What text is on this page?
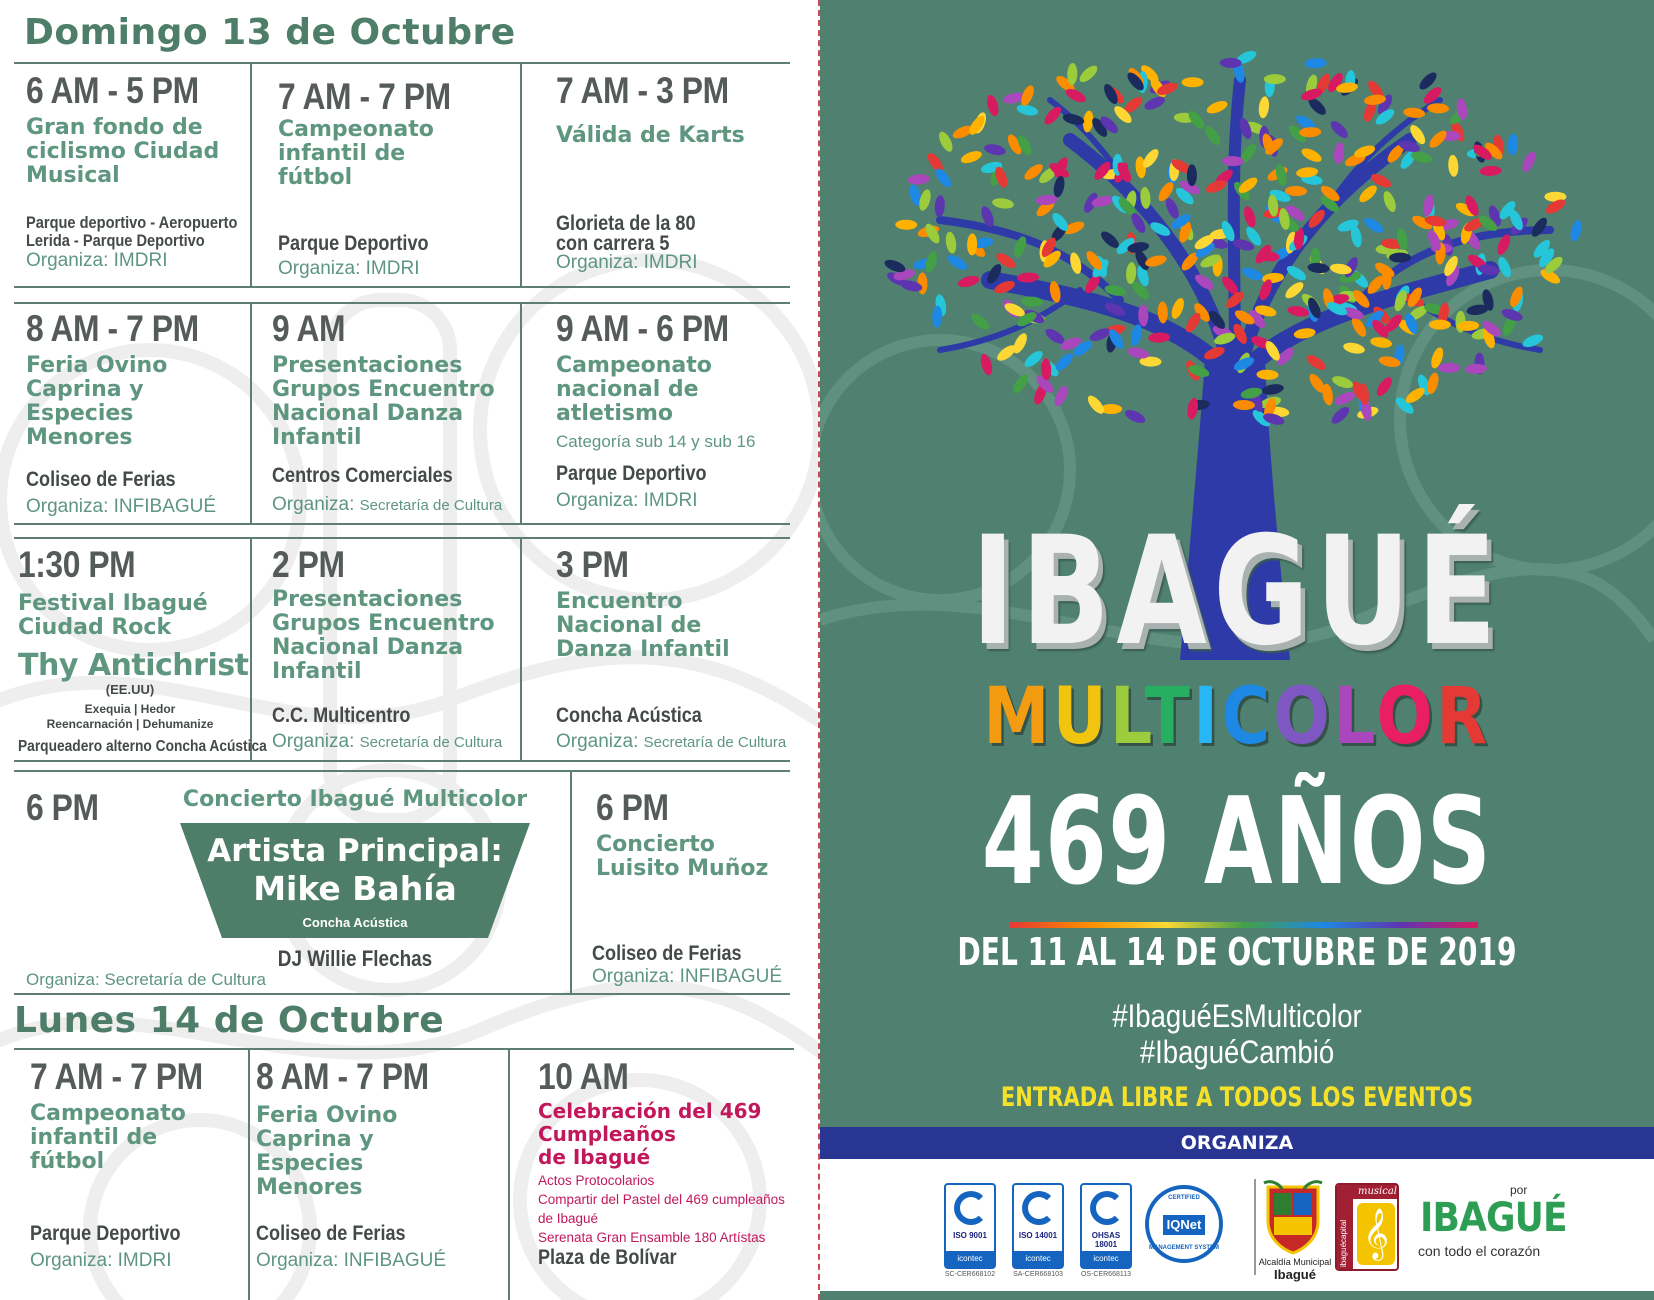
Domingo 13 de Octubre
6 AM - 5 PM
Gran fondo de
ciclismo Ciudad
Musical
Parque deportivo - Aeropuerto
Lerida - Parque Deportivo
Organiza: IMDRI
7 AM - 7 PM
Campeonato
infantil de
fútbol
Parque Deportivo
Organiza: IMDRI
7 AM - 3 PM
Válida de Karts
Glorieta de la 80
con carrera 5
Organiza: IMDRI
8 AM - 7 PM
Feria Ovino
Caprina y
Especies
Menores
Coliseo de Ferias
Organiza: INFIBAGUÉ
9 AM
Presentaciones
Grupos Encuentro
Nacional Danza
Infantil
Centros Comerciales
Organiza: Secretaría de Cultura
9 AM - 6 PM
Campeonato
nacional de
atletismo
Categoría sub 14 y sub 16
Parque Deportivo
Organiza: IMDRI
1:30 PM
Festival Ibagué
Ciudad Rock
Thy Antichrist
(EE.UU)
Exequia | Hedor
Reencarnación | Dehumanize
Parqueadero alterno Concha Acústica
2 PM
Presentaciones
Grupos Encuentro
Nacional Danza
Infantil
C.C. Multicentro
Organiza: Secretaría de Cultura
3 PM
Encuentro
Nacional de
Danza Infantil
Concha Acústica
Organiza: Secretaría de Cultura
6 PM	Concierto Ibagué Multicolor
Artista Principal:
Mike Bahía
Concha Acústica
DJ Willie Flechas
Organiza: Secretaría de Cultura
6 PM
Concierto
Luisito Muñoz
Coliseo de Ferias
Organiza: INFIBAGUÉ
Lunes 14 de Octubre
7 AM - 7 PM
Campeonato
infantil de
fútbol
Parque Deportivo
Organiza: IMDRI
8 AM - 7 PM
Feria Ovino
Caprina y
Especies
Menores
Coliseo de Ferias
Organiza: INFIBAGUÉ
10 AM
Celebración del 469
Cumpleaños
de Ibagué
Actos Protocolarios
Compartir del Pastel del 469 cumpleaños
de Ibagué
Serenata Gran Ensamble 180 Artístas
Plaza de Bolívar
IBAGUÉ
MULTICOLOR
469 AÑOS
DEL 11 AL 14 DE OCTUBRE DE 2019
#IbaguéEsMulticolor
#IbaguéCambió
ENTRADA LIBRE A TODOS LOS EVENTOS
ORGANIZA
ISO 9001
icontec
SC-CER668102
ISO 14001
icontec
SA-CER668103
OHSAS 18001
icontec
OS-CER668113
CERTIFIED
IQNet
MANAGEMENT SYSTEM
Alcaldía Municipal
Ibagué
musical
ibaguécapital 𝄞
por
IBAGUÉ
con todo el corazón
